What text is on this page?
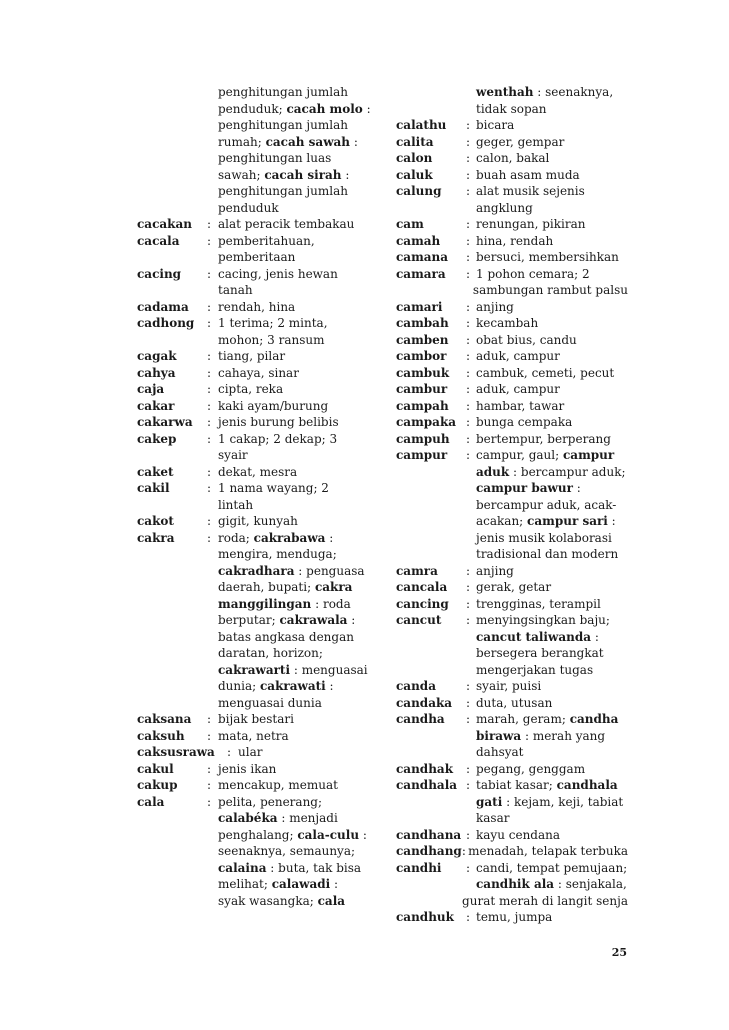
penghitungan jumlah
penduduk; cacah molo :
penghitungan jumlah
rumah; cacah sawah :
penghitungan luas
sawah; cacah sirah :
penghitungan jumlah
penduduk
cacakan	: alat peracik tembakau
cacala	: pemberitahuan,
pemberitaan
cacing	: cacing, jenis hewan
tanah
cadama	: rendah, hina
cadhong	: 1 terima; 2 minta,
mohon; 3 ransum
cagak	: tiang, pilar
cahya	: cahaya, sinar
caja	: cipta, reka
cakar	: kaki ayam/burung
cakarwa	: jenis burung belibis
cakep	: 1 cakap; 2 dekap; 3
syair
caket	: dekat, mesra
cakil	: 1 nama wayang; 2
lintah
cakot	: gigit, kunyah
cakra	: roda; cakrabawa :
mengira, menduga;
cakradhara : penguasa
daerah, bupati; cakra
manggilingan : roda
berputar; cakrawala :
batas angkasa dengan
daratan, horizon;
cakrawarti : menguasai
dunia; cakrawati :
menguasai dunia
caksana	: bijak bestari
caksuh	: mata, netra
caksusrawa	: ular
cakul	: jenis ikan
cakup	: mencakup, memuat
cala	: pelita, penerang;
calabéka : menjadi
penghalang; cala-culu :
seenaknya, semaunya;
calaina : buta, tak bisa
melihat; calawadi :
syak wasangka; cala
wenthah : seenaknya,
tidak sopan
calathu	: bicara
calita	: geger, gempar
calon	: calon, bakal
caluk	: buah asam muda
calung	: alat musik sejenis
angklung
cam	: renungan, pikiran
camah	: hina, rendah
camana	: bersuci, membersihkan
camara	: 1 pohon cemara; 2
sambungan rambut palsu
camari	: anjing
cambah	: kecambah
camben	: obat bius, candu
cambor	: aduk, campur
cambuk	: cambuk, cemeti, pecut
cambur	: aduk, campur
campah	: hambar, tawar
campaka : bunga cempaka
campuh	: bertempur, berperang
campur	: campur, gaul; campur
aduk : bercampur aduk;
campur bawur :
bercampur aduk, acak-
acakan; campur sari :
jenis musik kolaborasi
tradisional dan modern
camra	: anjing
cancala	: gerak, getar
cancing	: trengginas, terampil
cancut	: menyingsingkan baju;
cancut taliwanda :
bersegera berangkat
mengerjakan tugas
canda	: syair, puisi
candaka	: duta, utusan
candha	: marah, geram; candha
birawa : merah yang
dahsyat
candhak	: pegang, genggam
candhala : tabiat kasar; candhala
gati : kejam, keji, tabiat
kasar
candhana : kayu cendana
candhang : menadah, telapak terbuka
candhi	: candi, tempat pemujaan;
candhik ala : senjakala,
gurat merah di langit senja
candhuk	: temu, jumpa
25
